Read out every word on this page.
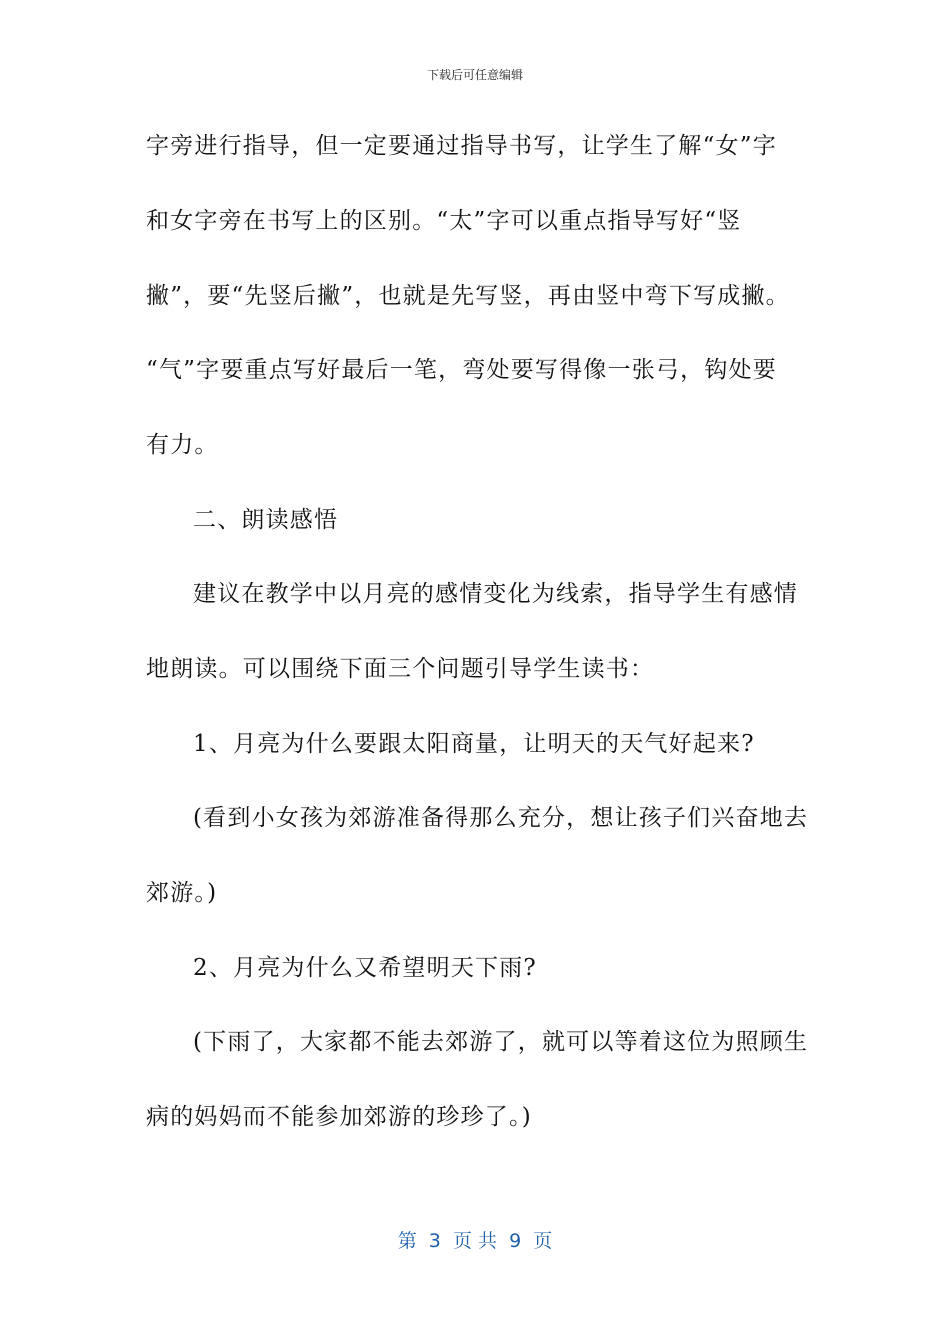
下载后可任意编辑
字旁进行指导，但一定要通过指导书写，让学生了解“女”字
和女字旁在书写上的区别。“太”字可以重点指导写好“竖
撇”，要“先竖后撇”，也就是先写竖，再由竖中弯下写成撇。
“气”字要重点写好最后一笔，弯处要写得像一张弓，钩处要
有力。
二、朗读感悟
建议在教学中以月亮的感情变化为线索，指导学生有感情
地朗读。可以围绕下面三个问题引导学生读书：
1、月亮为什么要跟太阳商量，让明天的天气好起来?
(看到小女孩为郊游准备得那么充分，想让孩子们兴奋地去
郊游。)
2、月亮为什么又希望明天下雨?
(下雨了，大家都不能去郊游了，就可以等着这位为照顾生
病的妈妈而不能参加郊游的珍珍了。)
第  3  页 共  9  页
